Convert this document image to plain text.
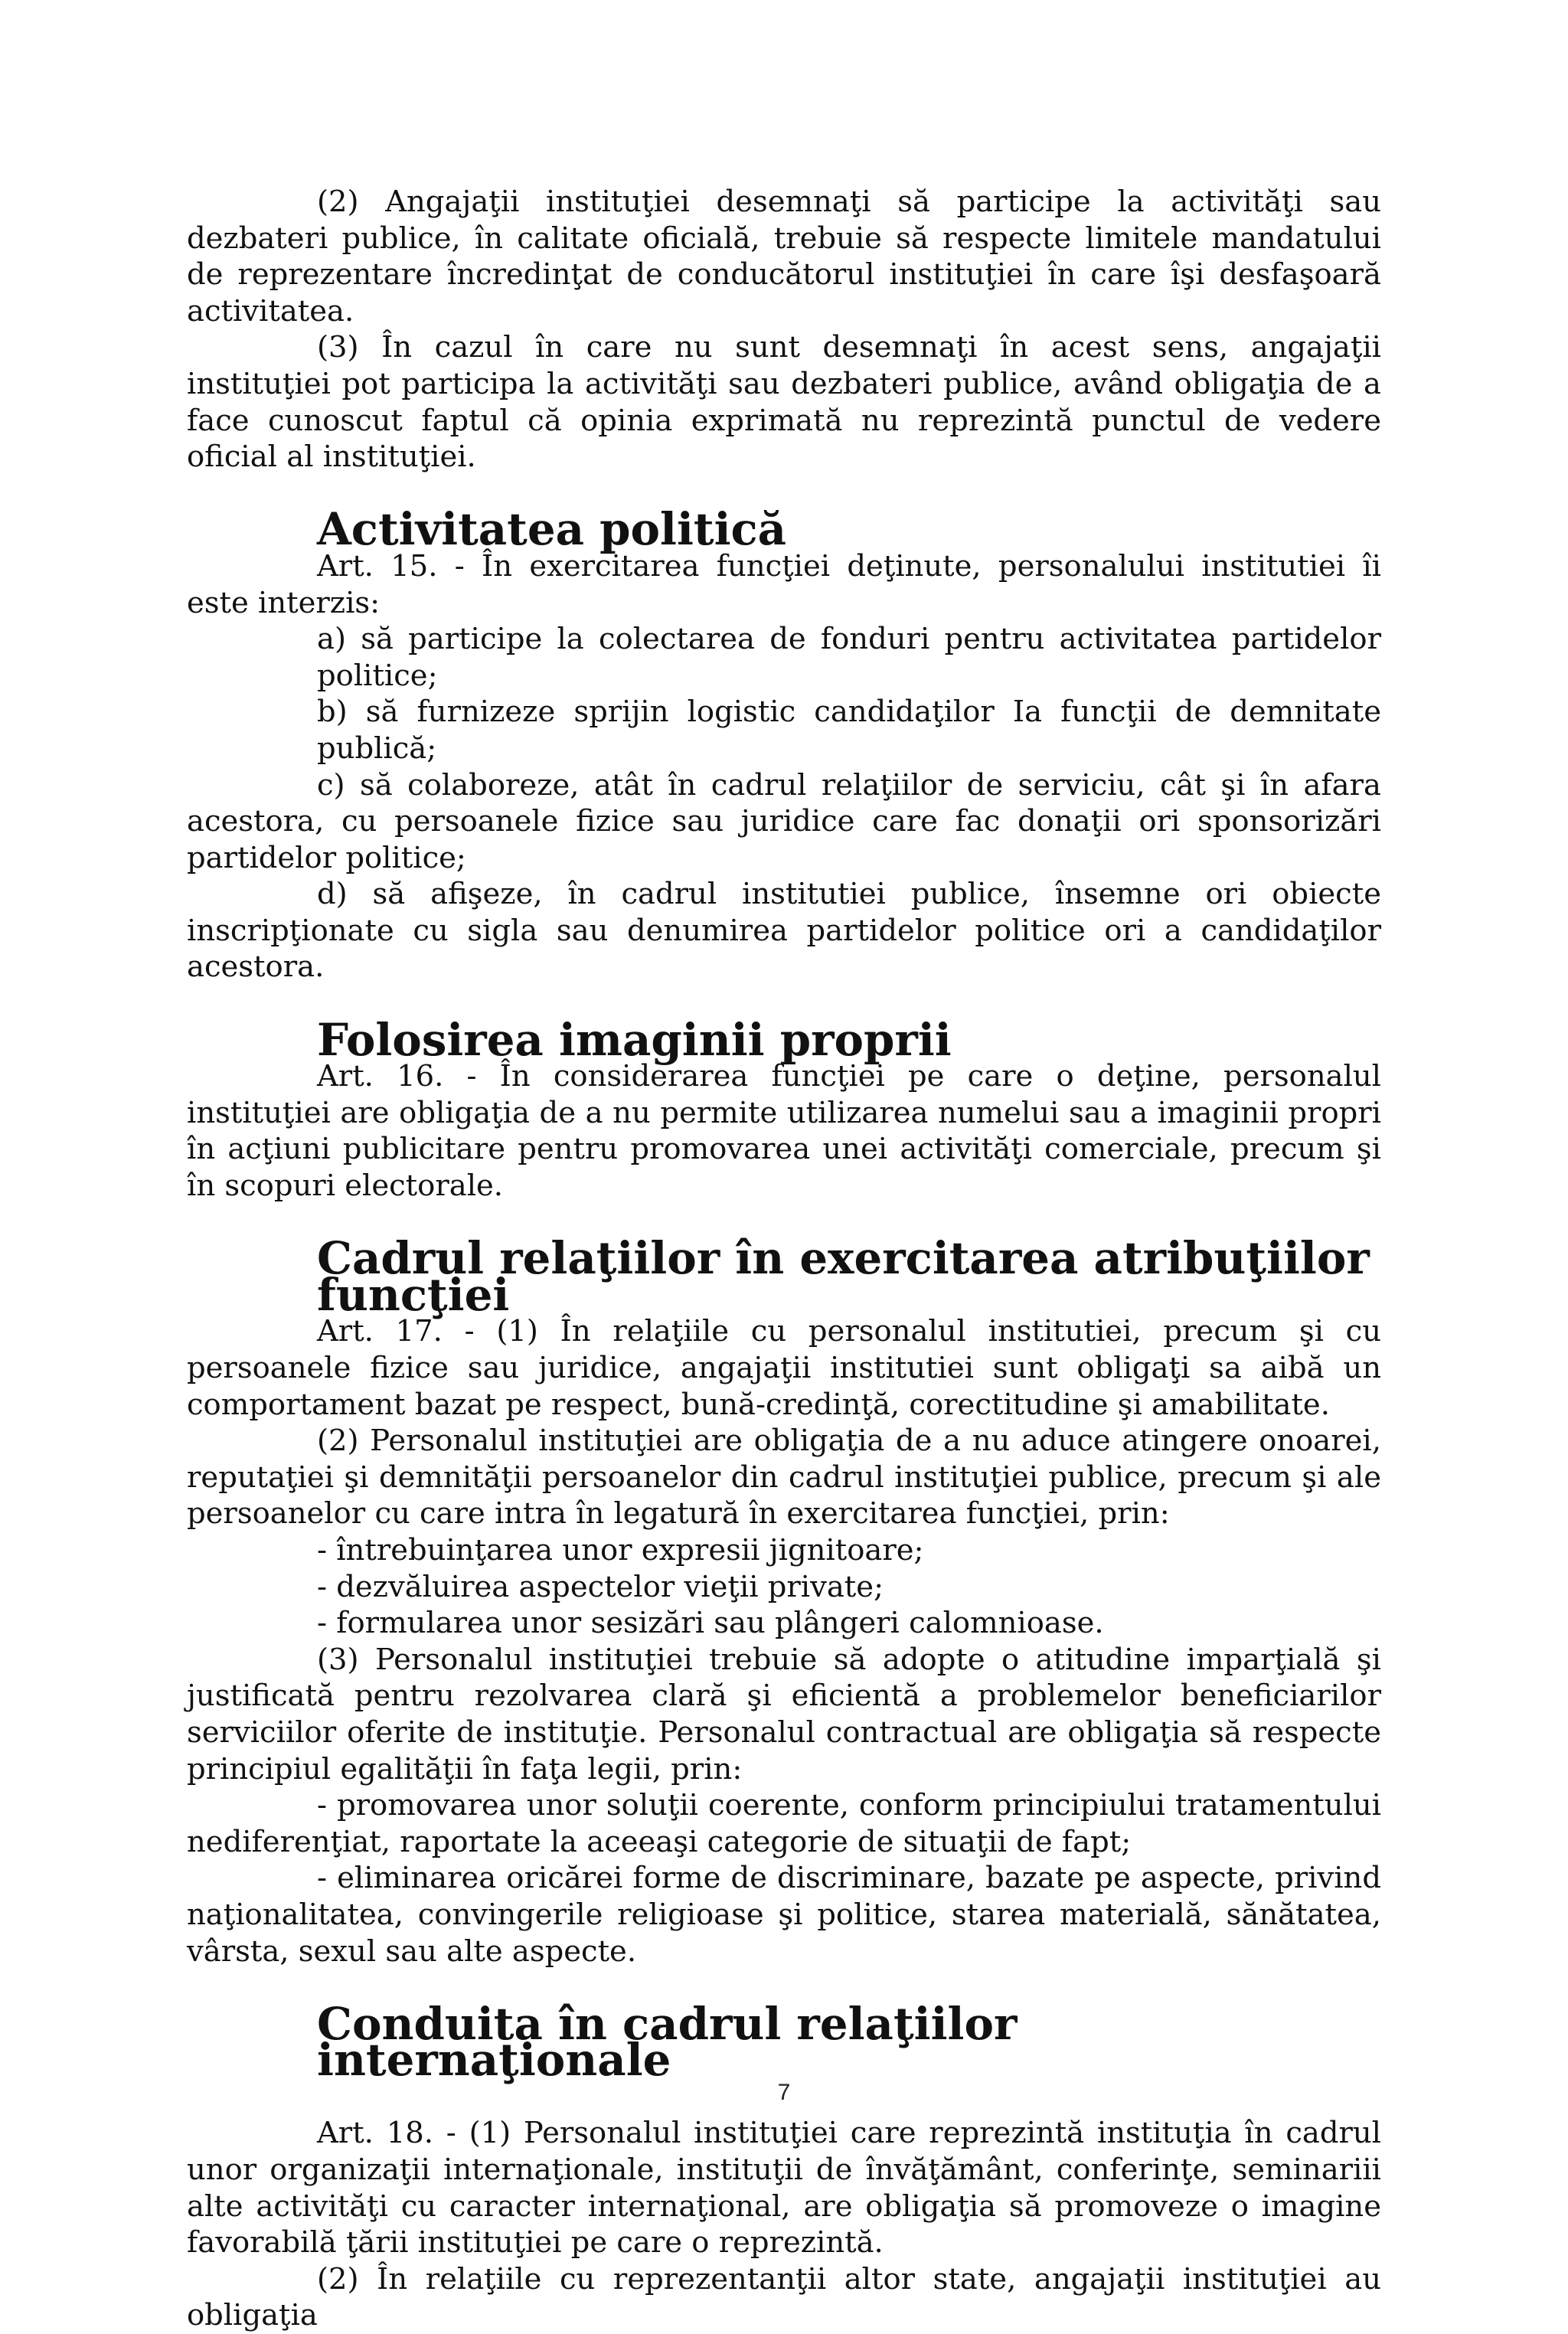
(2) Angajaţii instituţiei desemnaţi să participe la activităţi sau dezbateri publice, în calitate oficială, trebuie să respecte limitele mandatului de reprezentare încredinţat de conducătorul instituţiei în care îşi desfaşoară activitatea.

(3) În cazul în care nu sunt desemnaţi în acest sens, angajaţii instituţiei pot participa la activităţi sau dezbateri publice, având obligaţia de a face cunoscut faptul că opinia exprimată nu reprezintă punctul de vedere oficial al instituţiei.

Activitatea politică

Art. 15. - În exercitarea funcţiei deţinute, personalului institutiei îi este interzis:

a) să participe la colectarea de fonduri pentru activitatea partidelor politice;

b) să furnizeze sprijin logistic candidaţilor Ia funcţii de demnitate publică;

c) să colaboreze, atât în cadrul relaţiilor de serviciu, cât şi în afara acestora, cu persoanele fizice sau juridice care fac donaţii ori sponsorizări partidelor politice;

d) să afişeze, în cadrul institutiei publice, însemne ori obiecte inscripţionate cu sigla sau denumirea partidelor politice ori a candidaţilor acestora.

Folosirea imaginii proprii

Art. 16. - În considerarea funcţiei pe care o deţine, personalul instituţiei are obligaţia de a nu permite utilizarea numelui sau a imaginii propri în acţiuni publicitare pentru promovarea unei activităţi comerciale, precum şi în scopuri electorale.

Cadrul relaţiilor în exercitarea atribuţiilor funcţiei

Art. 17. - (1) În relaţiile cu personalul institutiei, precum şi cu persoanele fizice sau juridice, angajaţii institutiei sunt obligaţi sa aibă un comportament bazat pe respect, bună-credinţă, corectitudine şi amabilitate.

(2) Personalul instituţiei are obligaţia de a nu aduce atingere onoarei, reputaţiei şi demnităţii persoanelor din cadrul instituţiei publice, precum şi ale persoanelor cu care intra în legatură în exercitarea funcţiei, prin:

- întrebuinţarea unor expresii jignitoare;

- dezvăluirea aspectelor vieţii private;

- formularea unor sesizări sau plângeri calomnioase.

(3) Personalul instituţiei trebuie să adopte o atitudine imparţială şi justificată pentru rezolvarea clară şi eficientă a problemelor beneficiarilor serviciilor oferite de instituţie. Personalul contractual are obligaţia să respecte principiul egalităţii în faţa legii, prin:

- promovarea unor soluţii coerente, conform principiului tratamentului nediferenţiat, raportate la aceeaşi categorie de situaţii de fapt;

- eliminarea oricărei forme de discriminare, bazate pe aspecte, privind naţionalitatea, convingerile religioase şi politice, starea materială, sănătatea, vârsta, sexul sau alte aspecte.

Conduita în cadrul relaţiilor internaţionale

Art. 18. - (1) Personalul instituţiei care reprezintă instituţia în cadrul unor organizaţii internaţionale, instituţii de învăţământ, conferinţe, seminariii alte activităţi cu caracter internaţional, are obligaţia să promoveze o imagine favorabilă ţării instituţiei pe care o reprezintă.

(2) În relaţiile cu reprezentanţii altor state, angajaţii instituţiei au obligaţia

7
